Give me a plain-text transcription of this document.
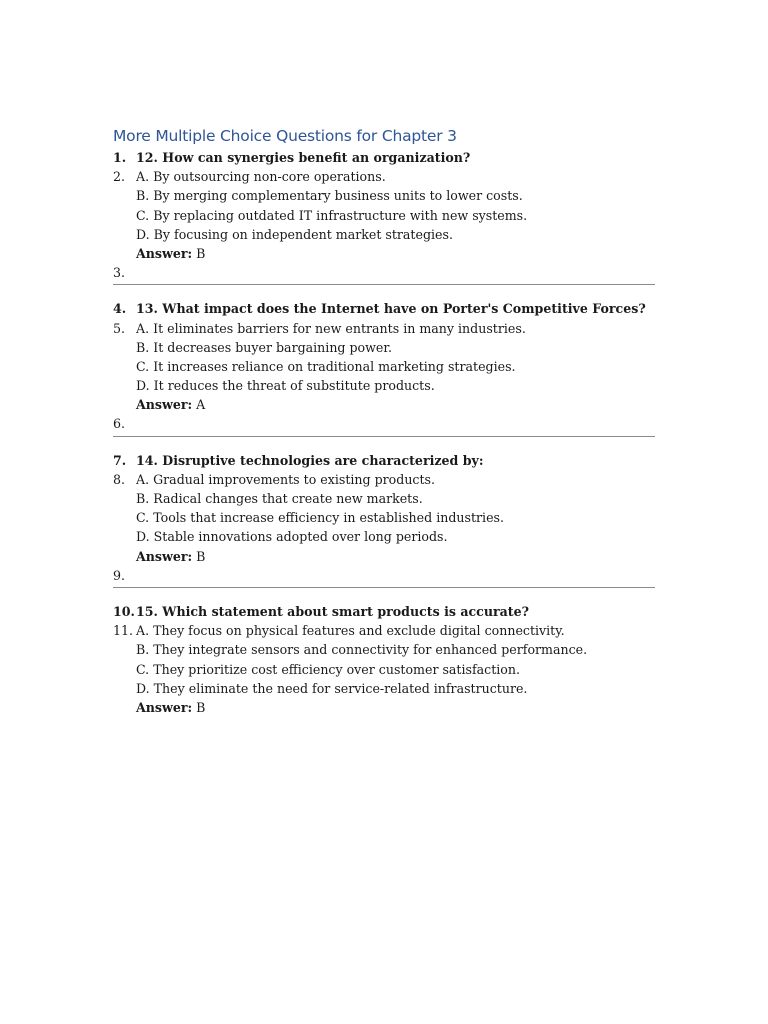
More Multiple Choice Questions for Chapter 3
1. 12. How can synergies benefit an organization?
2. A. By outsourcing non-core operations.
B. By merging complementary business units to lower costs.
C. By replacing outdated IT infrastructure with new systems.
D. By focusing on independent market strategies.
Answer: B
3.
4. 13. What impact does the Internet have on Porter's Competitive Forces?
5. A. It eliminates barriers for new entrants in many industries.
B. It decreases buyer bargaining power.
C. It increases reliance on traditional marketing strategies.
D. It reduces the threat of substitute products.
Answer: A
6.
7. 14. Disruptive technologies are characterized by:
8. A. Gradual improvements to existing products.
B. Radical changes that create new markets.
C. Tools that increase efficiency in established industries.
D. Stable innovations adopted over long periods.
Answer: B
9.
10. 15. Which statement about smart products is accurate?
11. A. They focus on physical features and exclude digital connectivity.
B. They integrate sensors and connectivity for enhanced performance.
C. They prioritize cost efficiency over customer satisfaction.
D. They eliminate the need for service-related infrastructure.
Answer: B
